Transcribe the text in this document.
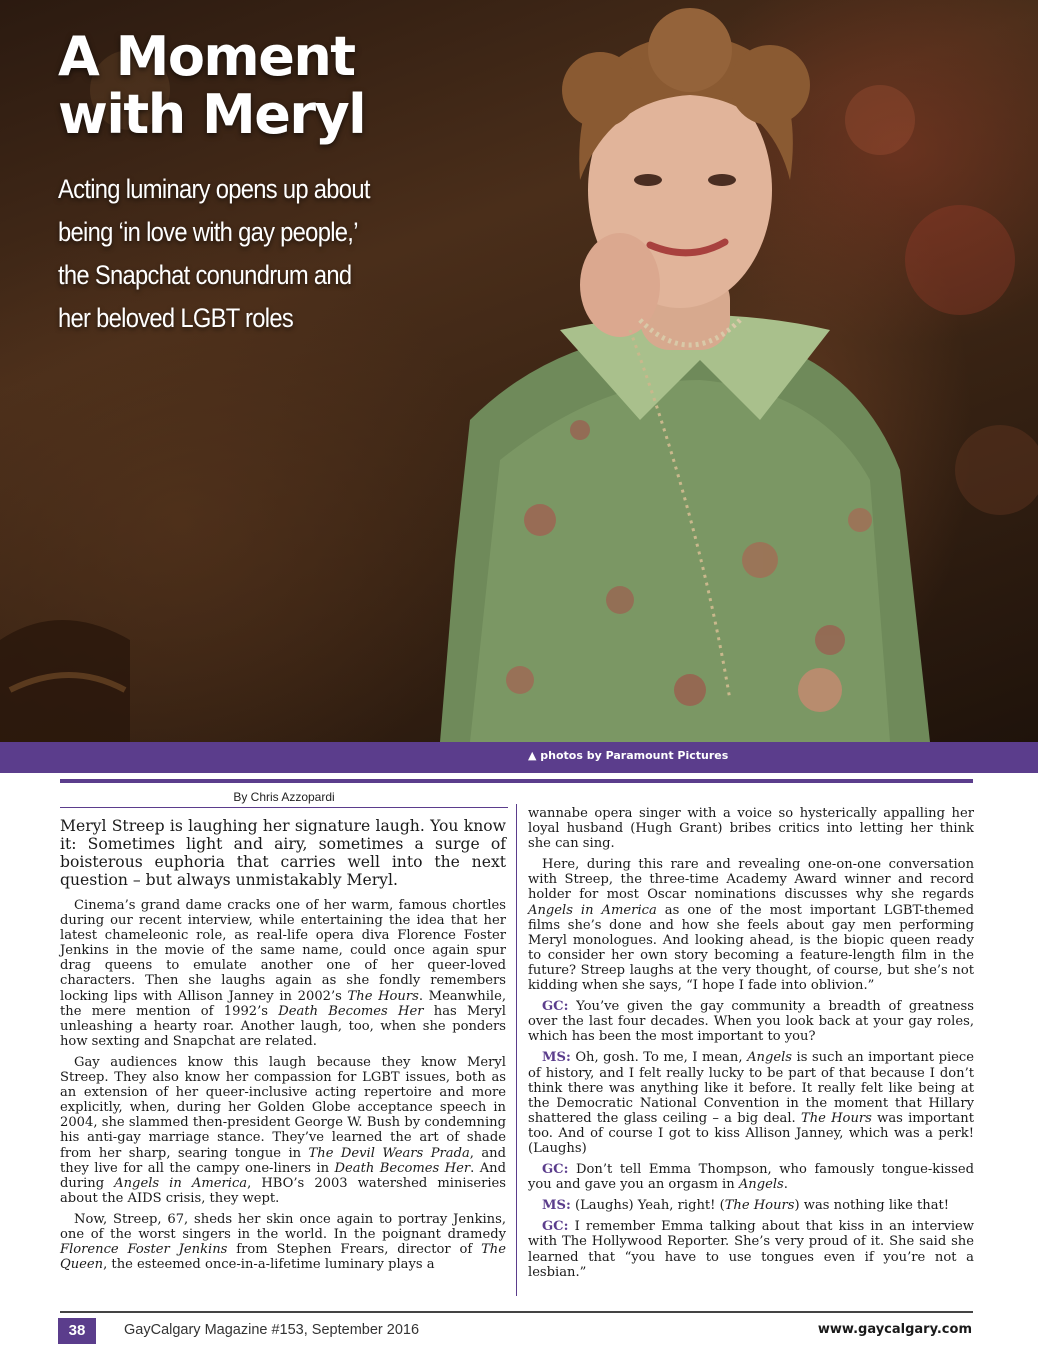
A Moment
with Meryl
Acting luminary opens up about being ‘in love with gay people,’ the Snapchat conundrum and her beloved LGBT roles
▲ photos by Paramount Pictures
By Chris Azzopardi

Meryl Streep is laughing her signature laugh. You know it: Sometimes light and airy, sometimes a surge of boisterous euphoria that carries well into the next question – but always unmistakably Meryl.

Cinema’s grand dame cracks one of her warm, famous chortles during our recent interview, while entertaining the idea that her latest chameleonic role, as real-life opera diva Florence Foster Jenkins in the movie of the same name, could once again spur drag queens to emulate another one of her queer-loved characters. Then she laughs again as she fondly remembers locking lips with Allison Janney in 2002’s The Hours. Meanwhile, the mere mention of 1992’s Death Becomes Her has Meryl unleashing a hearty roar. Another laugh, too, when she ponders how sexting and Snapchat are related.

Gay audiences know this laugh because they know Meryl Streep. They also know her compassion for LGBT issues, both as an extension of her queer-inclusive acting repertoire and more explicitly, when, during her Golden Globe acceptance speech in 2004, she slammed then-president George W. Bush by condemning his anti-gay marriage stance. They’ve learned the art of shade from her sharp, searing tongue in The Devil Wears Prada, and they live for all the campy one-liners in Death Becomes Her. And during Angels in America, HBO’s 2003 watershed miniseries about the AIDS crisis, they wept.

Now, Streep, 67, sheds her skin once again to portray Jenkins, one of the worst singers in the world. In the poignant dramedy Florence Foster Jenkins from Stephen Frears, director of The Queen, the esteemed once-in-a-lifetime luminary plays a

wannabe opera singer with a voice so hysterically appalling her loyal husband (Hugh Grant) bribes critics into letting her think she can sing.

Here, during this rare and revealing one-on-one conversation with Streep, the three-time Academy Award winner and record holder for most Oscar nominations discusses why she regards Angels in America as one of the most important LGBT-themed films she’s done and how she feels about gay men performing Meryl monologues. And looking ahead, is the biopic queen ready to consider her own story becoming a feature-length film in the future? Streep laughs at the very thought, of course, but she’s not kidding when she says, “I hope I fade into oblivion.”

GC: You’ve given the gay community a breadth of greatness over the last four decades. When you look back at your gay roles, which has been the most important to you?

MS: Oh, gosh. To me, I mean, Angels is such an important piece of history, and I felt really lucky to be part of that because I don’t think there was anything like it before. It really felt like being at the Democratic National Convention in the moment that Hillary shattered the glass ceiling – a big deal. The Hours was important too. And of course I got to kiss Allison Janney, which was a perk! (Laughs)

GC: Don’t tell Emma Thompson, who famously tongue-kissed you and gave you an orgasm in Angels.

MS: (Laughs) Yeah, right! (The Hours) was nothing like that!

GC: I remember Emma talking about that kiss in an interview with The Hollywood Reporter. She’s very proud of it. She said she learned that “you have to use tongues even if you’re not a lesbian.”

38	GayCalgary Magazine #153, September 2016	www.gaycalgary.com
